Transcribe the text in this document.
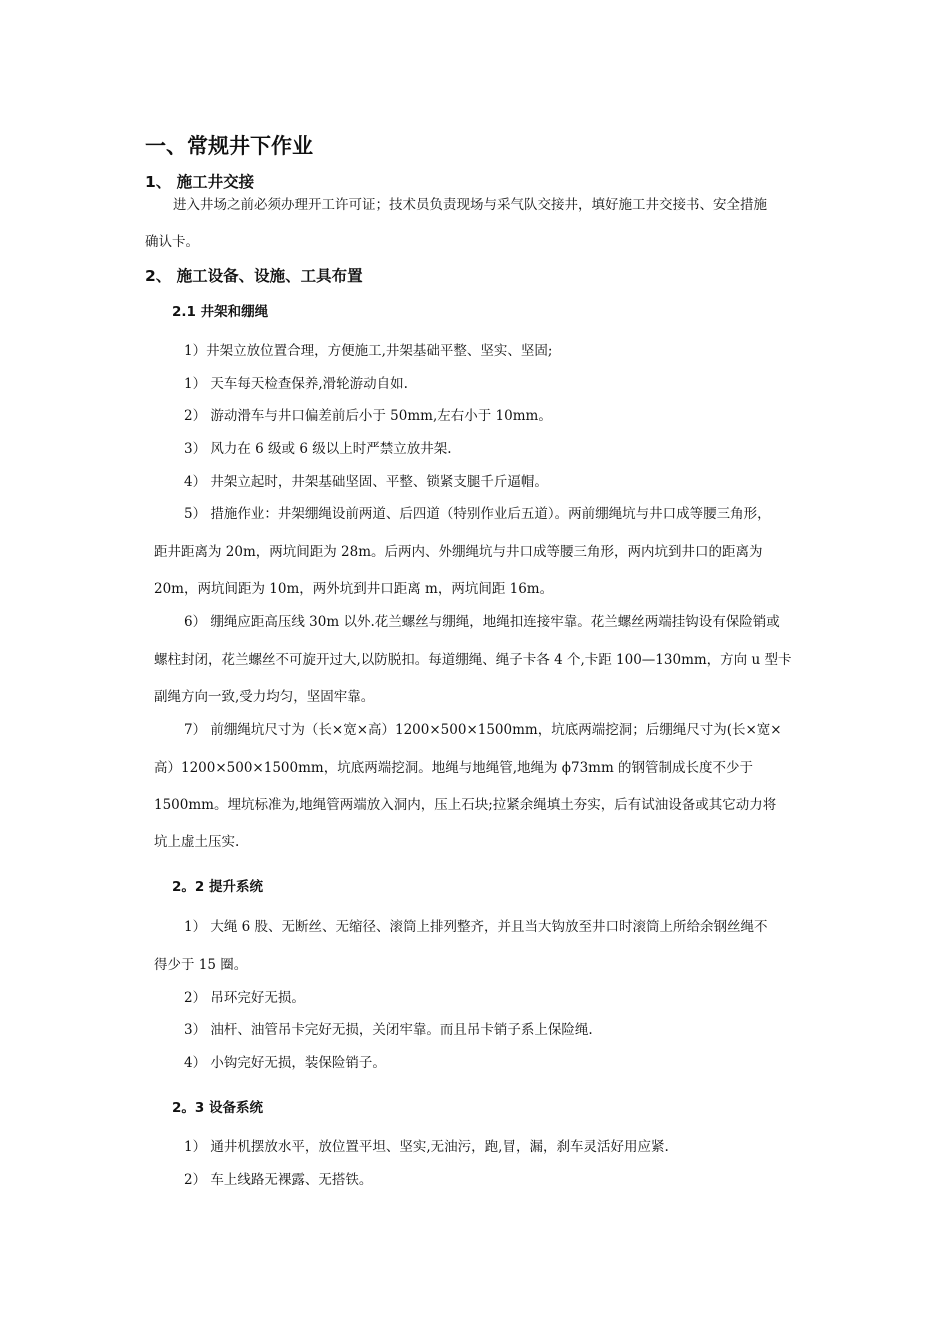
一、常规井下作业
1、 施工井交接

进入井场之前必须办理开工许可证；技术员负责现场与采气队交接井，填好施工井交接书、安全措施

确认卡。

2、 施工设备、设施、工具布置
2.1 井架和绷绳

1）井架立放位置合理，方便施工,井架基础平整、坚实、坚固;

1） 天车每天检查保养,滑轮游动自如.

2） 游动滑车与井口偏差前后小于 50mm,左右小于 10mm。

3） 风力在 6 级或 6 级以上时严禁立放井架.

4） 井架立起时，井架基础坚固、平整、锁紧支腿千斤逼帽。

5） 措施作业：井架绷绳设前两道、后四道（特别作业后五道）。两前绷绳坑与井口成等腰三角形，

距井距离为 20m，两坑间距为 28m。后两内、外绷绳坑与井口成等腰三角形，两内坑到井口的距离为

20m，两坑间距为 10m，两外坑到井口距离 m，两坑间距 16m。

6） 绷绳应距高压线 30m 以外.花兰螺丝与绷绳，地绳扣连接牢靠。花兰螺丝两端挂钩设有保险销或

螺柱封闭，花兰螺丝不可旋开过大,以防脱扣。每道绷绳、绳子卡各 4 个,卡距 100—130mm，方向 u 型卡

副绳方向一致,受力均匀，坚固牢靠。

7） 前绷绳坑尺寸为（长×宽×高）1200×500×1500mm，坑底两端挖洞；后绷绳尺寸为(长×宽×

高）1200×500×1500mm，坑底两端挖洞。地绳与地绳管,地绳为 ϕ73mm 的钢管制成长度不少于

1500mm。埋坑标准为,地绳管两端放入洞内，压上石块;拉紧余绳填土夯实，后有试油设备或其它动力将

坑上虚土压实.

2。2 提升系统

1） 大绳 6 股、无断丝、无缩径、滚筒上排列整齐，并且当大钩放至井口时滚筒上所给余钢丝绳不

得少于 15 圈。

2） 吊环完好无损。

3） 油杆、油管吊卡完好无损，关闭牢靠。而且吊卡销子系上保险绳.

4） 小钩完好无损，装保险销子。

2。3 设备系统

1） 通井机摆放水平，放位置平坦、坚实,无油污，跑,冒，漏，刹车灵活好用应紧.

2） 车上线路无裸露、无搭铁。
